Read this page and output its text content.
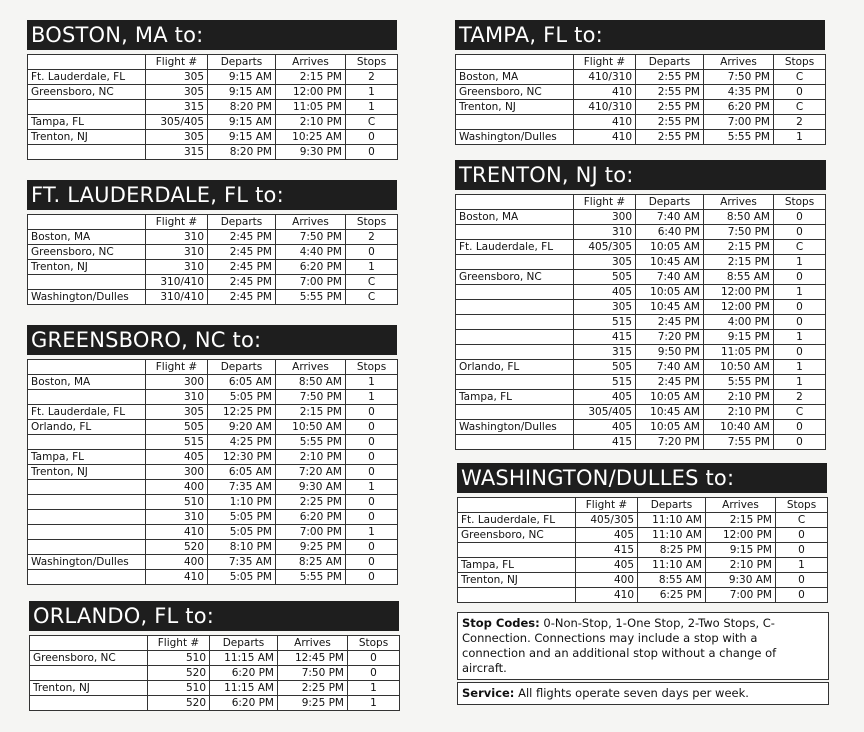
BOSTON, MA to:
	Flight #	Departs	Arrives	Stops
Ft. Lauderdale, FL	305	9:15 AM	2:15 PM	2
Greensboro, NC	305	9:15 AM	12:00 PM	1
	315	8:20 PM	11:05 PM	1
Tampa, FL	305/405	9:15 AM	2:10 PM	C
Trenton, NJ	305	9:15 AM	10:25 AM	0
	315	8:20 PM	9:30 PM	0
FT. LAUDERDALE, FL to:
	Flight #	Departs	Arrives	Stops
Boston, MA	310	2:45 PM	7:50 PM	2
Greensboro, NC	310	2:45 PM	4:40 PM	0
Trenton, NJ	310	2:45 PM	6:20 PM	1
	310/410	2:45 PM	7:00 PM	C
Washington/Dulles	310/410	2:45 PM	5:55 PM	C
GREENSBORO, NC to:
	Flight #	Departs	Arrives	Stops
Boston, MA	300	6:05 AM	8:50 AM	1
	310	5:05 PM	7:50 PM	1
Ft. Lauderdale, FL	305	12:25 PM	2:15 PM	0
Orlando, FL	505	9:20 AM	10:50 AM	0
	515	4:25 PM	5:55 PM	0
Tampa, FL	405	12:30 PM	2:10 PM	0
Trenton, NJ	300	6:05 AM	7:20 AM	0
	400	7:35 AM	9:30 AM	1
	510	1:10 PM	2:25 PM	0
	310	5:05 PM	6:20 PM	0
	410	5:05 PM	7:00 PM	1
	520	8:10 PM	9:25 PM	0
Washington/Dulles	400	7:35 AM	8:25 AM	0
	410	5:05 PM	5:55 PM	0
ORLANDO, FL to:
	Flight #	Departs	Arrives	Stops
Greensboro, NC	510	11:15 AM	12:45 PM	0
	520	6:20 PM	7:50 PM	0
Trenton, NJ	510	11:15 AM	2:25 PM	1
	520	6:20 PM	9:25 PM	1
TAMPA, FL to:
	Flight #	Departs	Arrives	Stops
Boston, MA	410/310	2:55 PM	7:50 PM	C
Greensboro, NC	410	2:55 PM	4:35 PM	0
Trenton, NJ	410/310	2:55 PM	6:20 PM	C
	410	2:55 PM	7:00 PM	2
Washington/Dulles	410	2:55 PM	5:55 PM	1
TRENTON, NJ to:
	Flight #	Departs	Arrives	Stops
Boston, MA	300	7:40 AM	8:50 AM	0
	310	6:40 PM	7:50 PM	0
Ft. Lauderdale, FL	405/305	10:05 AM	2:15 PM	C
	305	10:45 AM	2:15 PM	1
Greensboro, NC	505	7:40 AM	8:55 AM	0
	405	10:05 AM	12:00 PM	1
	305	10:45 AM	12:00 PM	0
	515	2:45 PM	4:00 PM	0
	415	7:20 PM	9:15 PM	1
	315	9:50 PM	11:05 PM	0
Orlando, FL	505	7:40 AM	10:50 AM	1
	515	2:45 PM	5:55 PM	1
Tampa, FL	405	10:05 AM	2:10 PM	2
	305/405	10:45 AM	2:10 PM	C
Washington/Dulles	405	10:05 AM	10:40 AM	0
	415	7:20 PM	7:55 PM	0
WASHINGTON/DULLES to:
	Flight #	Departs	Arrives	Stops
Ft. Lauderdale, FL	405/305	11:10 AM	2:15 PM	C
Greensboro, NC	405	11:10 AM	12:00 PM	0
	415	8:25 PM	9:15 PM	0
Tampa, FL	405	11:10 AM	2:10 PM	1
Trenton, NJ	400	8:55 AM	9:30 AM	0
	410	6:25 PM	7:00 PM	0
Stop Codes: 0-Non-Stop, 1-One Stop, 2-Two Stops, C-Connection. Connections may include a stop with a connection and an additional stop without a change of aircraft.
Service: All flights operate seven days per week.
